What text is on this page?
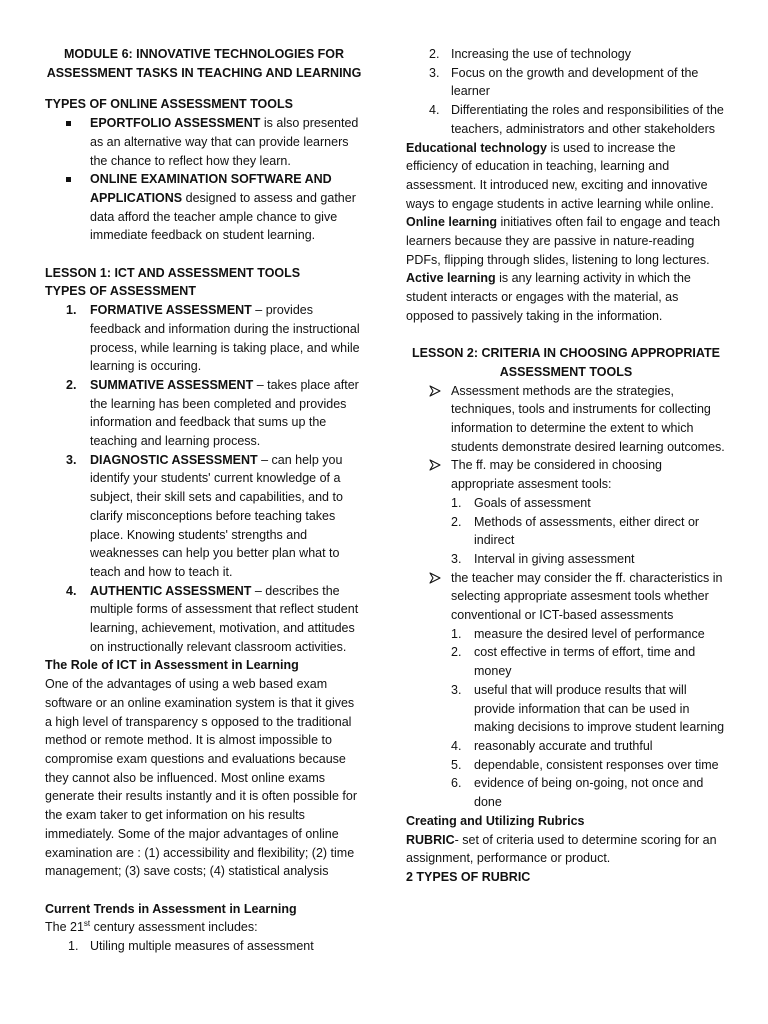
MODULE 6: INNOVATIVE TECHNOLOGIES FOR

ASSESSMENT TASKS IN TEACHING AND LEARNING

TYPES OF ONLINE ASSESSMENT TOOLS

EPORTFOLIO ASSESSMENT is also presented as an alternative way that can provide learners the chance to reflect how they learn.
ONLINE EXAMINATION SOFTWARE AND APPLICATIONS designed to assess and gather data afford the teacher ample chance to give immediate feedback on student learning.

LESSON 1: ICT AND ASSESSMENT TOOLS

TYPES OF ASSESSMENT

1. FORMATIVE ASSESSMENT – provides feedback and information during the instructional process, while learning is taking place, and while learning is occuring.
2. SUMMATIVE ASSESSMENT – takes place after the learning has been completed and provides information and feedback that sums up the teaching and learning process.
3. DIAGNOSTIC ASSESSMENT – can help you identify your students' current knowledge of a subject, their skill sets and capabilities, and to clarify misconceptions before teaching takes place. Knowing students' strengths and weaknesses can help you better plan what to teach and how to teach it.
4. AUTHENTIC ASSESSMENT – describes the multiple forms of assessment that reflect student learning, achievement, motivation, and attitudes on instructionally relevant classroom activities.

The Role of ICT in Assessment in Learning

One of the advantages of using a web based exam software or an online examination system is that it gives a high level of transparency s opposed to the traditional method or remote method. It is almost impossible to compromise exam questions and evaluations because they cannot also be influenced. Most online exams generate their results instantly and it is often possible for the exam taker to get information on his results immediately. Some of the major advantages of online examination are : (1) accessibility and flexibility; (2) time management; (3) save costs; (4) statistical analysis

Current Trends in Assessment in Learning

The 21st century assessment includes:

1. Utiling multiple measures of assessment
2. Increasing the use of technology
3. Focus on the growth and development of the learner
4. Differentiating the roles and responsibilities of the teachers, administrators and other stakeholders

Educational technology is used to increase the efficiency of education in teaching, learning and assessment. It introduced new, exciting and innovative ways to engage students in active learning while online.

Online learning initiatives often fail to engage and teach learners because they are passive in nature-reading PDFs, flipping through slides, listening to long lectures.

Active learning is any learning activity in which the student interacts or engages with the material, as opposed to passively taking in the information.

LESSON 2: CRITERIA IN CHOOSING APPROPRIATE

ASSESSMENT TOOLS

Assessment methods are the strategies, techniques, tools and instruments for collecting information to determine the extent to which students demonstrate desired learning outcomes.
The ff. may be considered in choosing appropriate assesment tools:
1. Goals of assessment
2. Methods of assessments, either direct or indirect
3. Interval in giving assessment
the teacher may consider the ff. characteristics in selecting appropriate assesment tools whether conventional or ICT-based assessments
1. measure the desired level of performance
2. cost effective in terms of effort, time and money
3. useful that will produce results that will provide information that can be used in making decisions to improve student learning
4. reasonably accurate and truthful
5. dependable, consistent responses over time
6. evidence of being on-going, not once and done

Creating and Utilizing Rubrics

RUBRIC- set of criteria used to determine scoring for an assignment, performance or product.

2 TYPES OF RUBRIC
